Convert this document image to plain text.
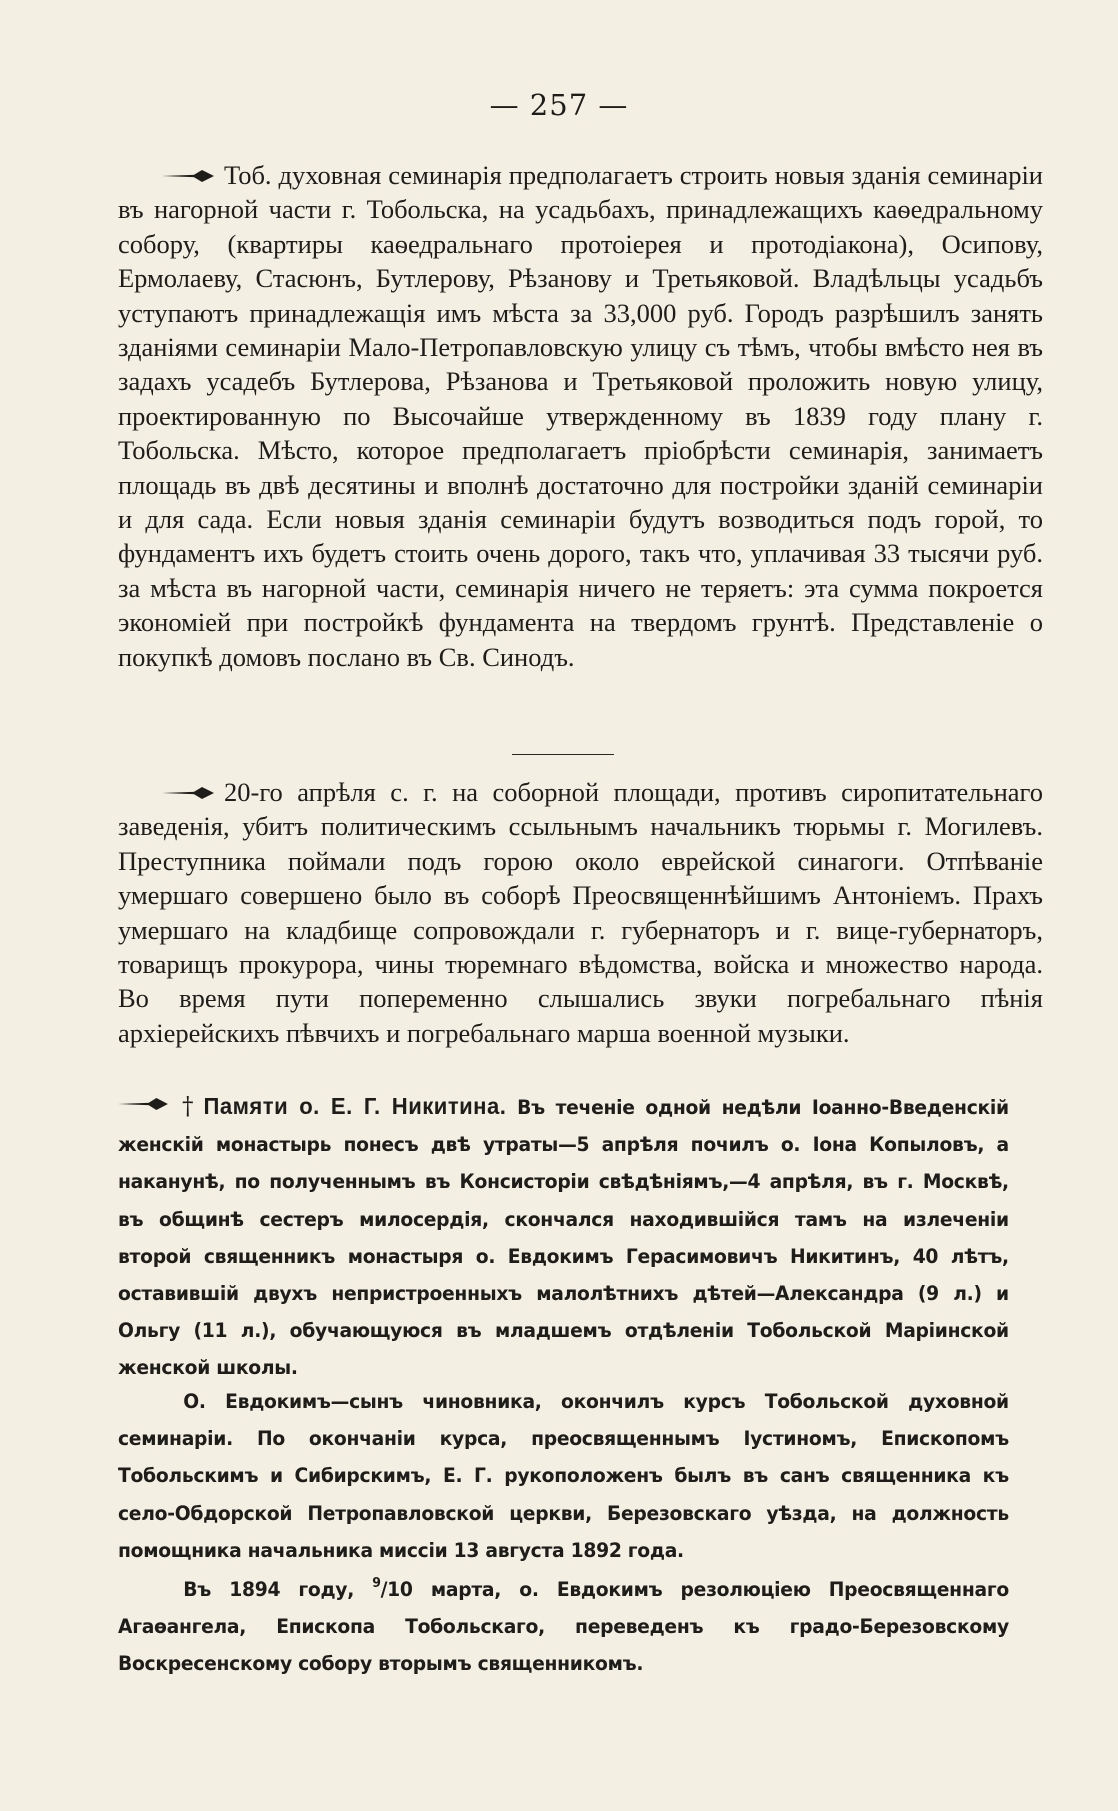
— 257 —

Тоб. духовная семинарія предполагаетъ строить новыя зданія семинаріи въ нагорной части г. Тобольска, на усадьбахъ, принадлежащихъ каѳедральному собору, (квартиры каѳедральнаго протоіерея и протодіакона), Осипову, Ермолаеву, Стасюнъ, Бутлерову, Рѣзанову и Третьяковой. Владѣльцы усадьбъ уступаютъ принадлежащія имъ мѣста за 33,000 руб. Городъ разрѣшилъ занять зданіями семинаріи Мало-Петропавловскую улицу съ тѣмъ, чтобы вмѣсто нея въ задахъ усадебъ Бутлерова, Рѣзанова и Третьяковой проложить новую улицу, проектированную по Высочайше утвержденному въ 1839 году плану г. Тобольска. Мѣсто, которое предполагаетъ пріобрѣсти семинарія, занимаетъ площадь въ двѣ десятины и вполнѣ достаточно для постройки зданій семинаріи и для сада. Если новыя зданія семинаріи будутъ возводиться подъ горой, то фундаментъ ихъ будетъ стоить очень дорого, такъ что, уплачивая 33 тысячи руб. за мѣста въ нагорной части, семинарія ничего не теряетъ: эта сумма покроется экономіей при постройкѣ фундамента на твердомъ грунтѣ. Представленіе о покупкѣ домовъ послано въ Св. Синодъ.

20-го апрѣля с. г. на соборной площади, противъ сиропитательнаго заведенія, убитъ политическимъ ссыльнымъ начальникъ тюрьмы г. Могилевъ. Преступника поймали подъ горою около еврейской синагоги. Отпѣваніе умершаго совершено было въ соборѣ Преосвященнѣйшимъ Антоніемъ. Прахъ умершаго на кладбище сопровождали г. губернаторъ и г. вице-губернаторъ, товарищъ прокурора, чины тюремнаго вѣдомства, войска и множество народа. Во время пути попеременно слышались звуки погребальнаго пѣнія архіерейскихъ пѣвчихъ и погребальнаго марша военной музыки.

† Памяти о. Е. Г. Никитина. Въ теченіе одной недѣли Іоанно-Введенскій женскій монастырь понесъ двѣ утраты—5 апрѣля почилъ о. Іона Копыловъ, а наканунѣ, по полученнымъ въ Консисторіи свѣдѣніямъ,—4 апрѣля, въ г. Москвѣ, въ общинѣ сестеръ милосердія, скончался находившійся тамъ на излеченіи второй священникъ монастыря о. Евдокимъ Герасимовичъ Никитинъ, 40 лѣтъ, оставившій двухъ непристроенныхъ малолѣтнихъ дѣтей—Александра (9 л.) и Ольгу (11 л.), обучающуюся въ младшемъ отдѣленіи Тобольской Маріинской женской школы.

О. Евдокимъ—сынъ чиновника, окончилъ курсъ Тобольской духовной семинаріи. По окончаніи курса, преосвященнымъ Іустиномъ, Епископомъ Тобольскимъ и Сибирскимъ, Е. Г. рукоположенъ былъ въ санъ священника къ село-Обдорской Петропавловской церкви, Березовскаго уѣзда, на должность помощника начальника миссіи 13 августа 1892 года.

Въ 1894 году, $^9$/10 марта, о. Евдокимъ резолюціею Преосвященнаго Агаѳангела, Епископа Тобольскаго, переведенъ къ градо-Березовскому Воскресенскому собору вторымъ священникомъ.
